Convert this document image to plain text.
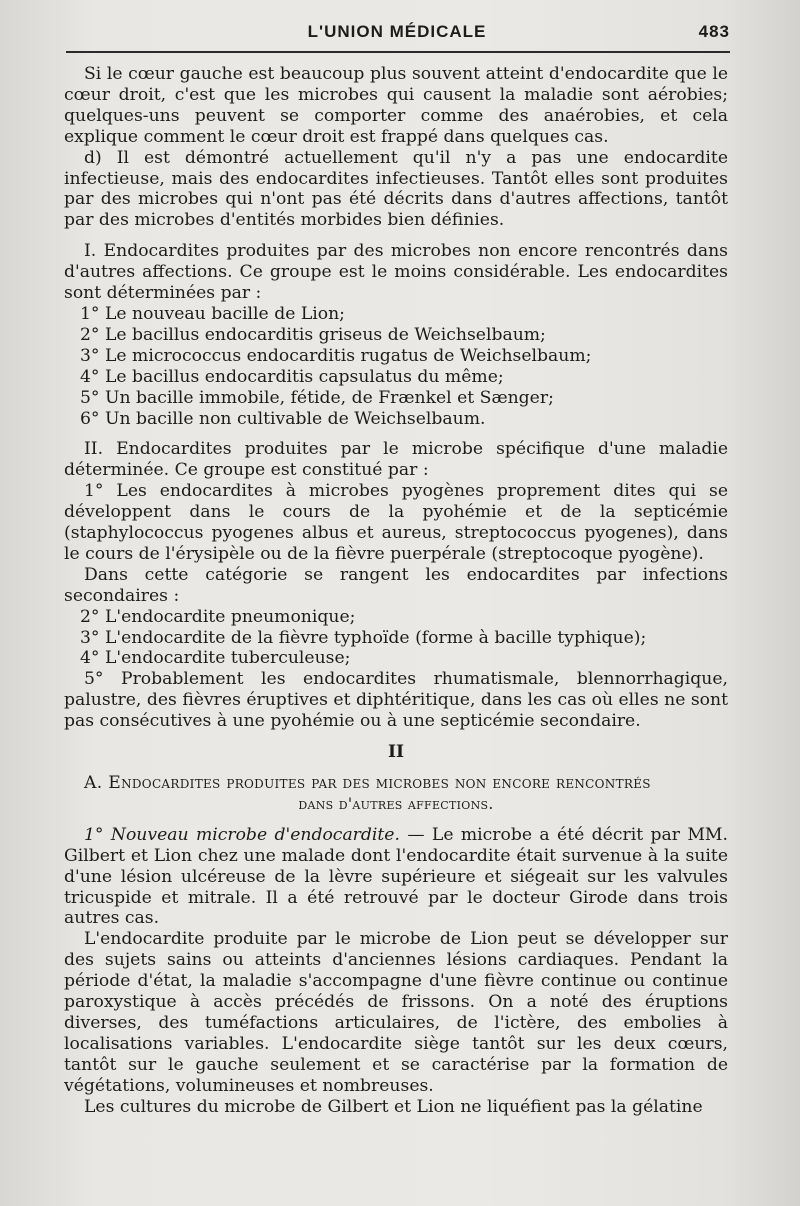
L'UNION MÉDICALE	483

Si le cœur gauche est beaucoup plus souvent atteint d'endocardite que le cœur droit, c'est que les microbes qui causent la maladie sont aérobies; quelques-uns peuvent se comporter comme des anaérobies, et cela explique comment le cœur droit est frappé dans quelques cas.

d) Il est démontré actuellement qu'il n'y a pas une endocardite infectieuse, mais des endocardites infectieuses. Tantôt elles sont produites par des microbes qui n'ont pas été décrits dans d'autres affections, tantôt par des microbes d'entités morbides bien définies.

I. Endocardites produites par des microbes non encore rencontrés dans d'autres affections. Ce groupe est le moins considérable. Les endocardites sont déterminées par :

1° Le nouveau bacille de Lion;

2° Le bacillus endocarditis griseus de Weichselbaum;

3° Le micrococcus endocarditis rugatus de Weichselbaum;

4° Le bacillus endocarditis capsulatus du même;

5° Un bacille immobile, fétide, de Frænkel et Sænger;

6° Un bacille non cultivable de Weichselbaum.

II. Endocardites produites par le microbe spécifique d'une maladie déterminée. Ce groupe est constitué par :

1° Les endocardites à microbes pyogènes proprement dites qui se développent dans le cours de la pyohémie et de la septicémie (staphylococcus pyogenes albus et aureus, streptococcus pyogenes), dans le cours de l'érysipèle ou de la fièvre puerpérale (streptocoque pyogène).

Dans cette catégorie se rangent les endocardites par infections secondaires :

2° L'endocardite pneumonique;

3° L'endocardite de la fièvre typhoïde (forme à bacille typhique);

4° L'endocardite tuberculeuse;

5° Probablement les endocardites rhumatismale, blennorrhagique, palustre, des fièvres éruptives et diphtéritique, dans les cas où elles ne sont pas consécutives à une pyohémie ou à une septicémie secondaire.

II

A. Endocardites produites par des microbes non encore rencontrés

dans d'autres affections.

1° Nouveau microbe d'endocardite. — Le microbe a été décrit par MM. Gilbert et Lion chez une malade dont l'endocardite était survenue à la suite d'une lésion ulcéreuse de la lèvre supérieure et siégeait sur les valvules tricuspide et mitrale. Il a été retrouvé par le docteur Girode dans trois autres cas.

L'endocardite produite par le microbe de Lion peut se développer sur des sujets sains ou atteints d'anciennes lésions cardiaques. Pendant la période d'état, la maladie s'accompagne d'une fièvre continue ou continue paroxystique à accès précédés de frissons. On a noté des éruptions diverses, des tuméfactions articulaires, de l'ictère, des embolies à localisations variables. L'endocardite siège tantôt sur les deux cœurs, tantôt sur le gauche seulement et se caractérise par la formation de végétations, volumineuses et nombreuses.

Les cultures du microbe de Gilbert et Lion ne liquéfient pas la gélatine
